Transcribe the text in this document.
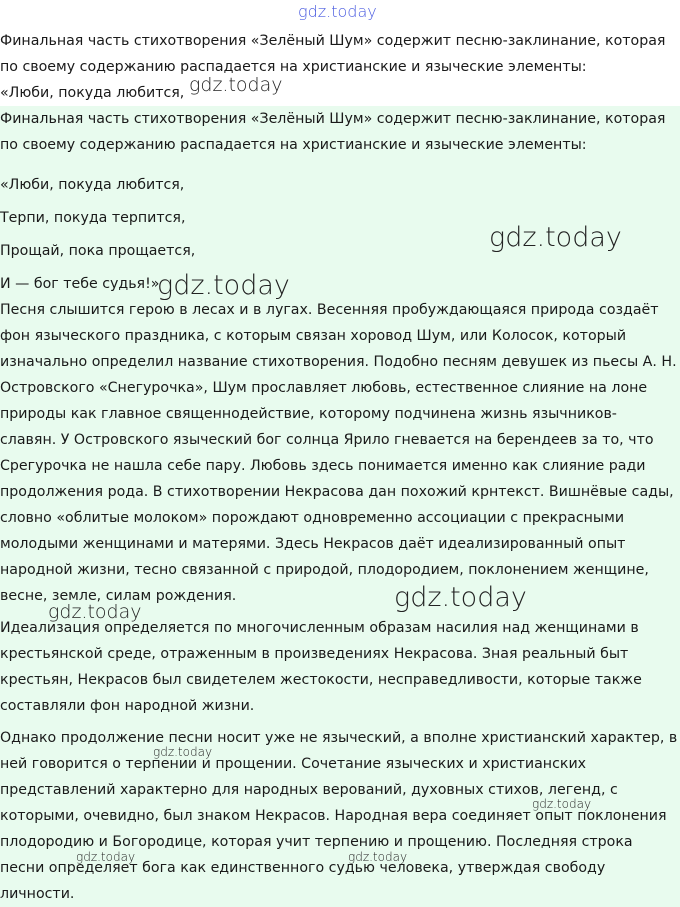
gdz.today

Финальная часть стихотворения «Зелёный Шум» содержит песню-заклинание, которая

по своему содержанию распадается на христианские и языческие элементы:

«Люби, покуда любится,

Финальная часть стихотворения «Зелёный Шум» содержит песню-заклинание, которая

по своему содержанию распадается на христианские и языческие элементы:

«Люби, покуда любится,

Терпи, покуда терпится,

Прощай, пока прощается,

И — бог тебе судья!»

Песня слышится герою в лесах и в лугах. Весенняя пробуждающаяся природа создаёт

фон языческого праздника, с которым связан хоровод Шум, или Колосок, который

изначально определил название стихотворения. Подобно песням девушек из пьесы А. Н.

Островского «Снегурочка», Шум прославляет любовь, естественное слияние на лоне

природы как главное священнодействие, которому подчинена жизнь язычников-

славян. У Островского языческий бог солнца Ярило гневается на берендеев за то, что

Срегурочка не нашла себе пару. Любовь здесь понимается именно как слияние ради

продолжения рода. В стихотворении Некрасова дан похожий крнтекст. Вишнёвые сады,

словно «облитые молоком» порождают одновременно ассоциации с прекрасными

молодыми женщинами и матерями. Здесь Некрасов даёт идеализированный опыт

народной жизни, тесно связанной с природой, плодородием, поклонением женщине,

весне, земле, силам рождения.

Идеализация определяется по многочисленным образам насилия над женщинами в

крестьянской среде, отраженным в произведениях Некрасова. Зная реальный быт

крестьян, Некрасов был свидетелем жестокости, несправедливости, которые также

составляли фон народной жизни.

Однако продолжение песни носит уже не языческий, а вполне христианский характер, в

ней говорится о терпении и прощении. Сочетание языческих и христианских

представлений характерно для народных верований, духовных стихов, легенд, с

которыми, очевидно, был знаком Некрасов. Народная вера соединяет опыт поклонения

плодородию и Богородице, которая учит терпению и прощению. Последняя строка

песни определяет бога как единственного судью человека, утверждая свободу

личности.

gdz.today
gdz.today
gdz.today
gdz.today
gdz.today
gdz.today
gdz.today
gdz.today	gdz.today
